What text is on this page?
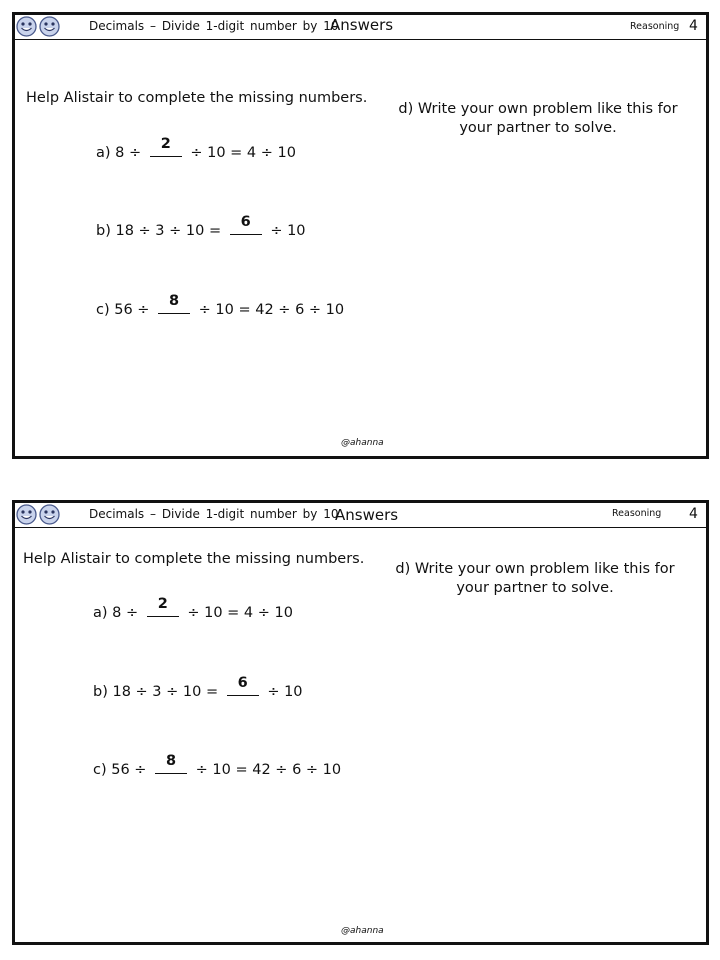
Decimals – Divide 1-digit number by 10
Answers	Reasoning 4
Help Alistair to complete the missing numbers.
a) 8 ÷
2
÷ 10 = 4 ÷ 10
b) 18 ÷ 3 ÷ 10 =
6
÷ 10
c) 56 ÷
8
÷ 10 = 42 ÷ 6 ÷ 10
d) Write your own problem like this for
your partner to solve.
@ahanna
Decimals – Divide 1-digit number by 10
Answers	Reasoning 4
Help Alistair to complete the missing numbers.
a) 8 ÷
2
÷ 10 = 4 ÷ 10
b) 18 ÷ 3 ÷ 10 =
6
÷ 10
c) 56 ÷
8
÷ 10 = 42 ÷ 6 ÷ 10
d) Write your own problem like this for
your partner to solve.
@ahanna
